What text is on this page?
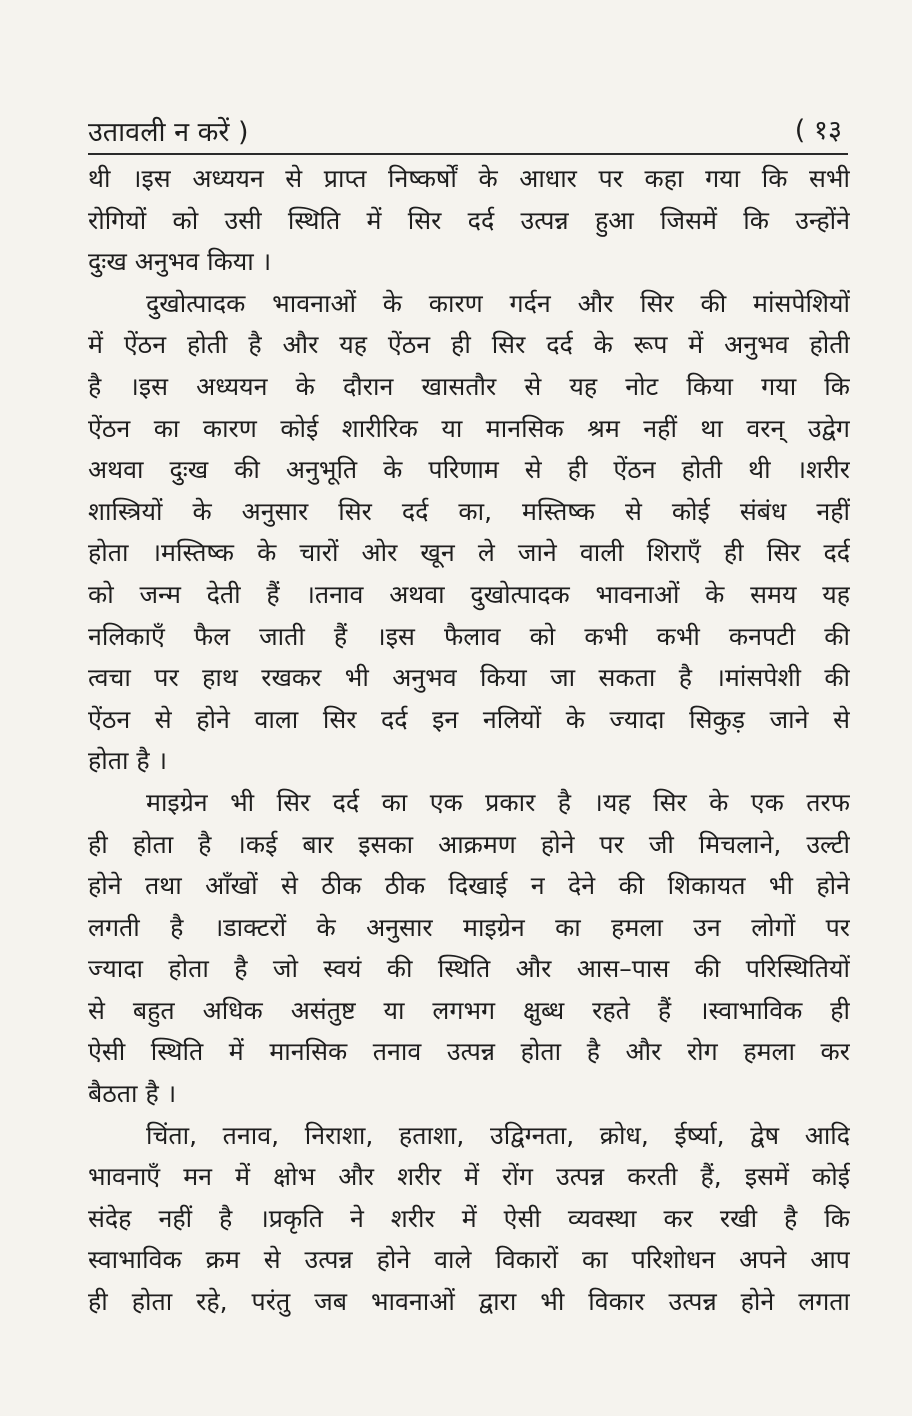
उतावली न करें )	( १३
थी ।इस अध्ययन से प्राप्त निष्कर्षों के आधार पर कहा गया कि सभी
रोगियों को उसी स्थिति में सिर दर्द उत्पन्न हुआ जिसमें कि उन्होंने
दुःख अनुभव किया ।
दुखोत्पादक भावनाओं के कारण गर्दन और सिर की मांसपेशियों
में ऐंठन होती है और यह ऐंठन ही सिर दर्द के रूप में अनुभव होती
है ।इस अध्ययन के दौरान खासतौर से यह नोट किया गया कि
ऐंठन का कारण कोई शारीरिक या मानसिक श्रम नहीं था वरन् उद्वेग
अथवा दुःख की अनुभूति के परिणाम से ही ऐंठन होती थी ।शरीर
शास्त्रियों के अनुसार सिर दर्द का, मस्तिष्क से कोई संबंध नहीं
होता ।मस्तिष्क के चारों ओर खून ले जाने वाली शिराएँ ही सिर दर्द
को जन्म देती हैं ।तनाव अथवा दुखोत्पादक भावनाओं के समय यह
नलिकाएँ फैल जाती हैं ।इस फैलाव को कभी कभी कनपटी की
त्वचा पर हाथ रखकर भी अनुभव किया जा सकता है ।मांसपेशी की
ऐंठन से होने वाला सिर दर्द इन नलियों के ज्यादा सिकुड़ जाने से
होता है ।
माइग्रेन भी सिर दर्द का एक प्रकार है ।यह सिर के एक तरफ
ही होता है ।कई बार इसका आक्रमण होने पर जी मिचलाने, उल्टी
होने तथा आँखों से ठीक ठीक दिखाई न देने की शिकायत भी होने
लगती है ।डाक्टरों के अनुसार माइग्रेन का हमला उन लोगों पर
ज्यादा होता है जो स्वयं की स्थिति और आस–पास की परिस्थितियों
से बहुत अधिक असंतुष्ट या लगभग क्षुब्ध रहते हैं ।स्वाभाविक ही
ऐसी स्थिति में मानसिक तनाव उत्पन्न होता है और रोग हमला कर
बैठता है ।
चिंता, तनाव, निराशा, हताशा, उद्विग्नता, क्रोध, ईर्ष्या, द्वेष आदि
भावनाएँ मन में क्षोभ और शरीर में रोंग उत्पन्न करती हैं, इसमें कोई
संदेह नहीं है ।प्रकृति ने शरीर में ऐसी व्यवस्था कर रखी है कि
स्वाभाविक क्रम से उत्पन्न होने वाले विकारों का परिशोधन अपने आप
ही होता रहे, परंतु जब भावनाओं द्वारा भी विकार उत्पन्न होने लगता
